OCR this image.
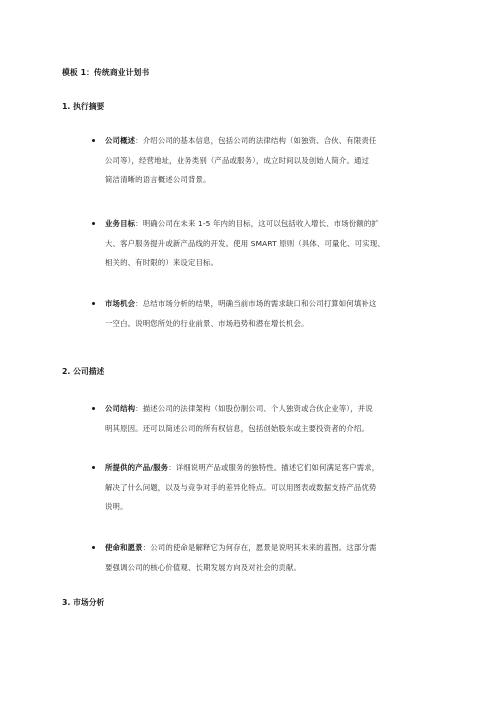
模板 1：传统商业计划书
1. 执行摘要
公司概述：介绍公司的基本信息，包括公司的法律结构（如独资、合伙、有限责任
公司等），经营地址，业务类别（产品或服务），成立时间以及创始人简介。通过
简洁清晰的语言概述公司背景。
业务目标：明确公司在未来 1-5 年内的目标，这可以包括收入增长、市场份额的扩
大、客户服务提升或新产品线的开发。使用 SMART 原则（具体、可量化、可实现、
相关的、有时限的）来设定目标。
市场机会：总结市场分析的结果，明确当前市场的需求缺口和公司打算如何填补这
一空白。说明您所处的行业前景、市场趋势和潜在增长机会。
2. 公司描述
公司结构：描述公司的法律架构（如股份制公司、个人独资或合伙企业等），并说
明其原因。还可以简述公司的所有权信息，包括创始股东或主要投资者的介绍。
所提供的产品/服务：详细说明产品或服务的独特性。描述它们如何满足客户需求，
解决了什么问题，以及与竞争对手的差异化特点。可以用图表或数据支持产品优势
说明。
使命和愿景：公司的使命是解释它为何存在，愿景是说明其未来的蓝图。这部分需
要强调公司的核心价值观、长期发展方向及对社会的贡献。
3. 市场分析
